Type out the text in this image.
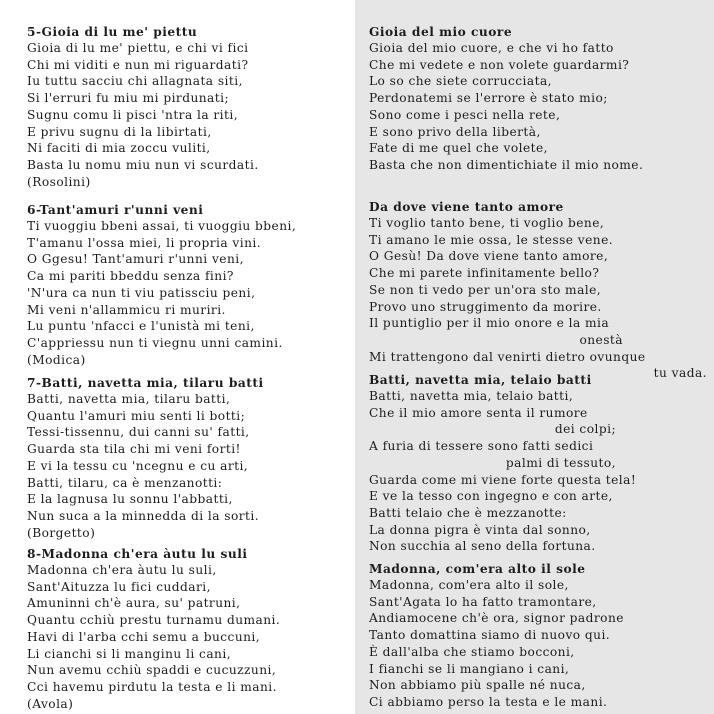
5-Gioia di lu me' piettu
Gioia di lu me' piettu, e chi vi fici
Chi mi viditi e nun mi riguardati?
Iu tuttu sacciu chi allagnata siti,
Si l'erruri fu miu mi pirdunati;
Sugnu comu li pisci 'ntra la riti,
E privu sugnu di la libirtati,
Ni faciti di mia zoccu vuliti,
Basta lu nomu miu nun vi scurdati.
(Rosolini)
6-Tant'amuri r'unni veni
Ti vuoggiu bbeni assai, ti vuoggiu bbeni,
T'amanu l'ossa miei, li propria vini.
O Ggesu! Tant'amuri r'unni veni,
Ca mi pariti bbeddu senza fini?
'N'ura ca nun ti viu patissciu peni,
Mi veni n'allammicu ri muriri.
Lu puntu 'nfacci e l'unistà mi teni,
C'appriessu nun ti viegnu unni camini.
(Modica)
7-Batti, navetta mia, tilaru batti
Batti, navetta mia, tilaru batti,
Quantu l'amuri miu senti li botti;
Tessi-tissennu, dui canni su' fatti,
Guarda sta tila chi mi veni forti!
E vi la tessu cu 'ncegnu e cu arti,
Batti, tilaru, ca è menzanotti:
E la lagnusa lu sonnu l'abbatti,
Nun suca a la minnedda di la sorti.
(Borgetto)
8-Madonna ch'era àutu lu suli
Madonna ch'era àutu lu suli,
Sant'Aituzza lu fici cuddari,
Amuninni ch'è aura, su' patruni,
Quantu cchiù prestu turnamu dumani.
Havi di l'arba cchi semu a buccuni,
Li cianchi si li manginu li cani,
Nun avemu cchiù spaddi e cucuzzuni,
Cci havemu pirdutu la testa e li mani.
(Avola)
Gioia del mio cuore
Gioia del mio cuore, e che vi ho fatto
Che mi vedete e non volete guardarmi?
Lo so che siete corrucciata,
Perdonatemi se l'errore è stato mio;
Sono come i pesci nella rete,
E sono privo della libertà,
Fate di me quel che volete,
Basta che non dimentichiate il mio nome.
Da dove viene tanto amore
Ti voglio tanto bene, ti voglio bene,
Ti amano le mie ossa, le stesse vene.
O Gesù! Da dove viene tanto amore,
Che mi parete infinitamente bello?
Se non ti vedo per un'ora sto male,
Provo uno struggimento da morire.
Il puntiglio per il mio onore e la mia
onestà
Mi trattengono dal venirti dietro ovunque
tu vada.
Batti, navetta mia, telaio batti
Batti, navetta mia, telaio batti,
Che il mio amore senta il rumore
dei colpi;
A furia di tessere sono fatti sedici
palmi di tessuto,
Guarda come mi viene forte questa tela!
E ve la tesso con ingegno e con arte,
Batti telaio che è mezzanotte:
La donna pigra è vinta dal sonno,
Non succhia al seno della fortuna.
Madonna, com'era alto il sole
Madonna, com'era alto il sole,
Sant'Agata lo ha fatto tramontare,
Andiamocene ch'è ora, signor padrone
Tanto domattina siamo di nuovo qui.
È dall'alba che stiamo bocconi,
I fianchi se li mangiano i cani,
Non abbiamo più spalle né nuca,
Ci abbiamo perso la testa e le mani.
